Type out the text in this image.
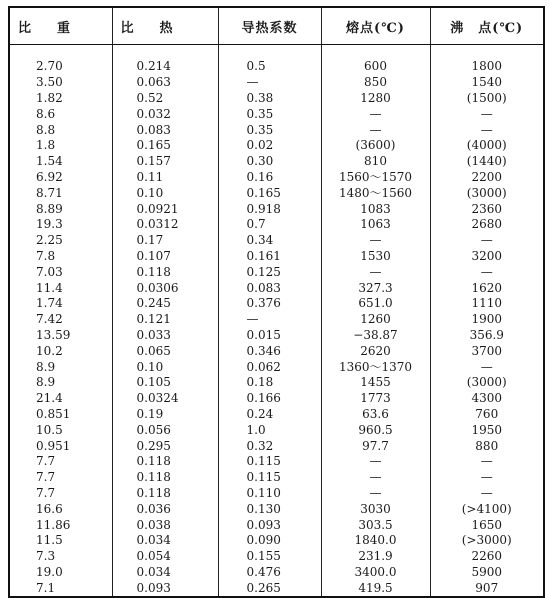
比　　重	比　　热	导热系数	熔点(℃)	沸　点(℃)

2.70	0.214	0.5	600	1800
3.50	0.063	—	850	1540
1.82	0.52	0.38	1280	(1500)
8.6	0.032	0.35	—	—
8.8	0.083	0.35	—	—
1.8	0.165	0.02	(3600)	(4000)
1.54	0.157	0.30	810	(1440)
6.92	0.11	0.16	1560～1570	2200
8.71	0.10	0.165	1480～1560	(3000)
8.89	0.0921	0.918	1083	2360
19.3	0.0312	0.7	1063	2680
2.25	0.17	0.34	—	—
7.8	0.107	0.161	1530	3200
7.03	0.118	0.125	—	—
11.4	0.0306	0.083	327.3	1620
1.74	0.245	0.376	651.0	1110
7.42	0.121	—	1260	1900
13.59	0.033	0.015	−38.87	356.9
10.2	0.065	0.346	2620	3700
8.9	0.10	0.062	1360～1370	—
8.9	0.105	0.18	1455	(3000)
21.4	0.0324	0.166	1773	4300
0.851	0.19	0.24	63.6	760
10.5	0.056	1.0	960.5	1950
0.951	0.295	0.32	97.7	880
7.7	0.118	0.115	—	—
7.7	0.118	0.115	—	—
7.7	0.118	0.110	—	—
16.6	0.036	0.130	3030	(>4100)
11.86	0.038	0.093	303.5	1650
11.5	0.034	0.090	1840.0	(>3000)
7.3	0.054	0.155	231.9	2260
19.0	0.034	0.476	3400.0	5900
7.1	0.093	0.265	419.5	907
